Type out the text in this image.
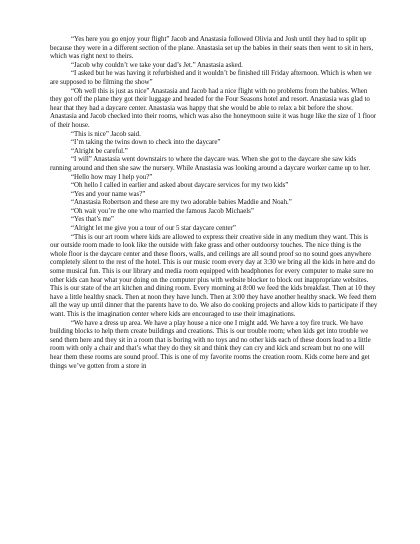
“Yes here you go enjoy your flight” Jacob and Anastasia followed Olivia and Josh until they had to split up because they were in a different section of the plane. Anastasia set up the babies in their seats then went to sit in hers, which was right next to theirs.

“Jacob why couldn’t we take your dad’s Jet.” Anastasia asked.

“I asked but he was having it refurbished and it wouldn’t be finished till Friday afternoon. Which is when we are supposed to be filming the show”

“Oh well this is just as nice” Anastasia and Jacob had a nice flight with no problems from the babies. When they got off the plane they got their luggage and headed for the Four Seasons hotel and resort. Anastasia was glad to hear that they had a daycare center. Anastasia was happy that she would be able to relax a bit before the show. Anastasia and Jacob checked into their rooms, which was also the honeymoon suite it was huge like the size of 1 floor of their house.

“This is nice” Jacob said.

“I’m taking the twins down to check into the daycare”

“Alright be careful.”

“I will” Anastasia went downstairs to where the daycare was. When she got to the daycare she saw kids running around and then she saw the nursery. While Anastasia was looking around a daycare worker came up to her.

“Hello how may I help you?”

“Oh hello I called in earlier and asked about daycare services for my two kids”

“Yes and your name was?”

“Anastasia Robertson and these are my two adorable babies Maddie and Noah.”

“Oh wait you’re the one who married the famous Jacob Michaels”

“Yes that’s me”

“Alright let me give you a tour of our 5 star daycare center”

“This is our art room where kids are allowed to express their creative side in any medium they want. This is our outside room made to look like the outside with fake grass and other outdoorsy touches. The nice thing is the whole floor is the daycare center and these floors, walls, and ceilings are all sound proof so no sound goes anywhere completely silent to the rest of the hotel. This is our music room every day at 3:30 we bring all the kids in here and do some musical fun. This is our library and media room equipped with headphones for every computer to make sure no other kids can hear what your doing on the computer plus with website blocker to block out inappropriate websites. This is our state of the art kitchen and dining room. Every morning at 8:00 we feed the kids breakfast. Then at 10 they have a little healthy snack. Then at noon they have lunch. Then at 3:00 they have another healthy snack. We feed them all the way up until dinner that the parents have to do. We also do cooking projects and allow kids to participate if they want. This is the imagination center where kids are encouraged to use their imaginations.

“We have a dress up area. We have a play house a nice one I might add. We have a toy fire truck. We have building blocks to help them create buildings and creations. This is our trouble room; when kids get into trouble we send them here and they sit in a room that is boring with no toys and no other kids each of these doors lead to a little room with only a chair and that’s what they do they sit and think they can cry and kick and scream but no one will hear them these rooms are sound proof. This is one of my favorite rooms the creation room. Kids come here and get things we’ve gotten from a store in
